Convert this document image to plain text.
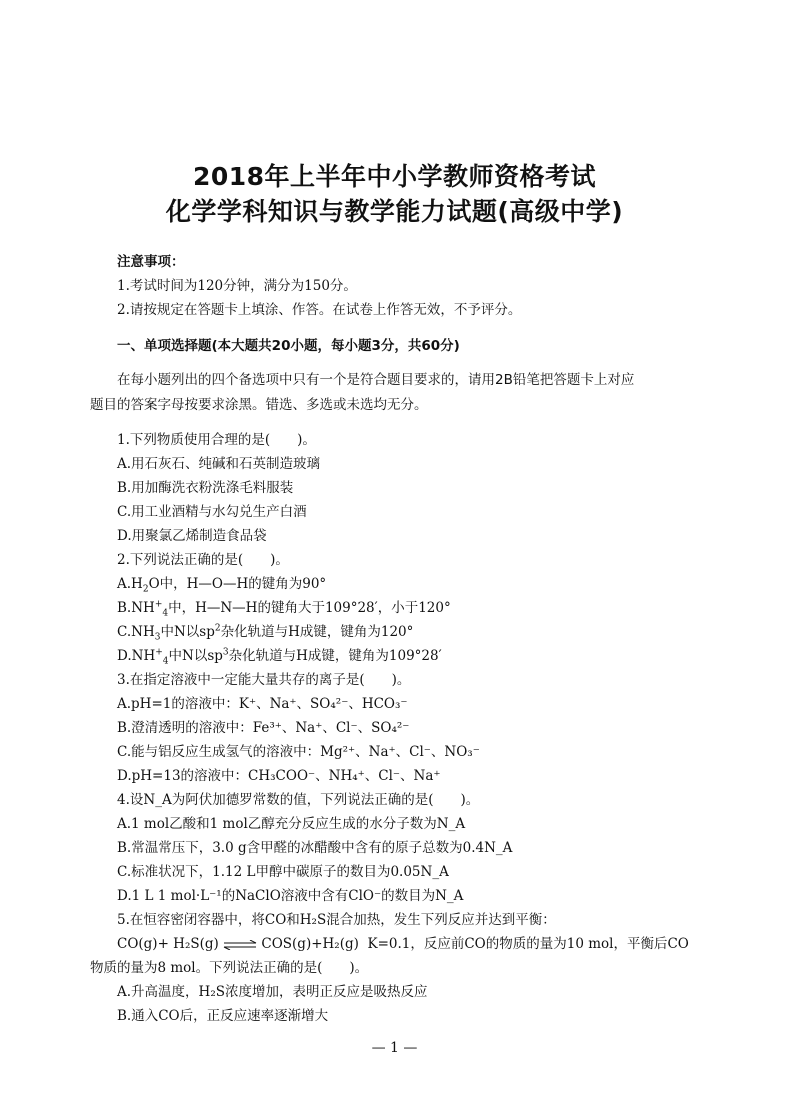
2018年上半年中小学教师资格考试
化学学科知识与教学能力试题(高级中学)
注意事项：
1.考试时间为120分钟，满分为150分。
2.请按规定在答题卡上填涂、作答。在试卷上作答无效，不予评分。
一、单项选择题(本大题共20小题，每小题3分，共60分)
在每小题列出的四个备选项中只有一个是符合题目要求的，请用2B铅笔把答题卡上对应
题目的答案字母按要求涂黑。错选、多选或未选均无分。
1.下列物质使用合理的是(　　)。
A.用石灰石、纯碱和石英制造玻璃
B.用加酶洗衣粉洗涤毛料服装
C.用工业酒精与水勾兑生产白酒
D.用聚氯乙烯制造食品袋
2.下列说法正确的是(　　)。
$A.H_2O$中，H—O—H的键角为90°
$B.NH^+_4$中，H—N—H的键角大于109°28′，小于120°
$C.NH_3$中N以$sp^2$杂化轨道与H成键，键角为120°
$D.NH^+_4$中N以$sp^3$杂化轨道与H成键，键角为109°28′
3.在指定溶液中一定能大量共存的离子是(　　)。
A.pH=1的溶液中：K⁺、Na⁺、SO₄²⁻、HCO₃⁻
B.澄清透明的溶液中：Fe³⁺、Na⁺、Cl⁻、SO₄²⁻
C.能与铝反应生成氢气的溶液中：Mg²⁺、Na⁺、Cl⁻、NO₃⁻
D.pH=13的溶液中：CH₃COO⁻、NH₄⁺、Cl⁻、Na⁺
4.设N_A为阿伏加德罗常数的值，下列说法正确的是(　　)。
A.1 mol乙酸和1 mol乙醇充分反应生成的水分子数为N_A
B.常温常压下，3.0 g含甲醛的冰醋酸中含有的原子总数为0.4N_A
C.标准状况下，1.12 L甲醇中碳原子的数目为0.05N_A
D.1 L 1 mol·L⁻¹的NaClO溶液中含有ClO⁻的数目为N_A
5.在恒容密闭容器中，将CO和H₂S混合加热，发生下列反应并达到平衡：
CO(g)+ H₂S(g) ⇌ COS(g)+H₂(g) K=0.1，反应前CO的物质的量为10 mol，平衡后CO
物质的量为8 mol。下列说法正确的是(　　)。
A.升高温度，H₂S浓度增加，表明正反应是吸热反应
B.通入CO后，正反应速率逐渐增大
— 1 —
